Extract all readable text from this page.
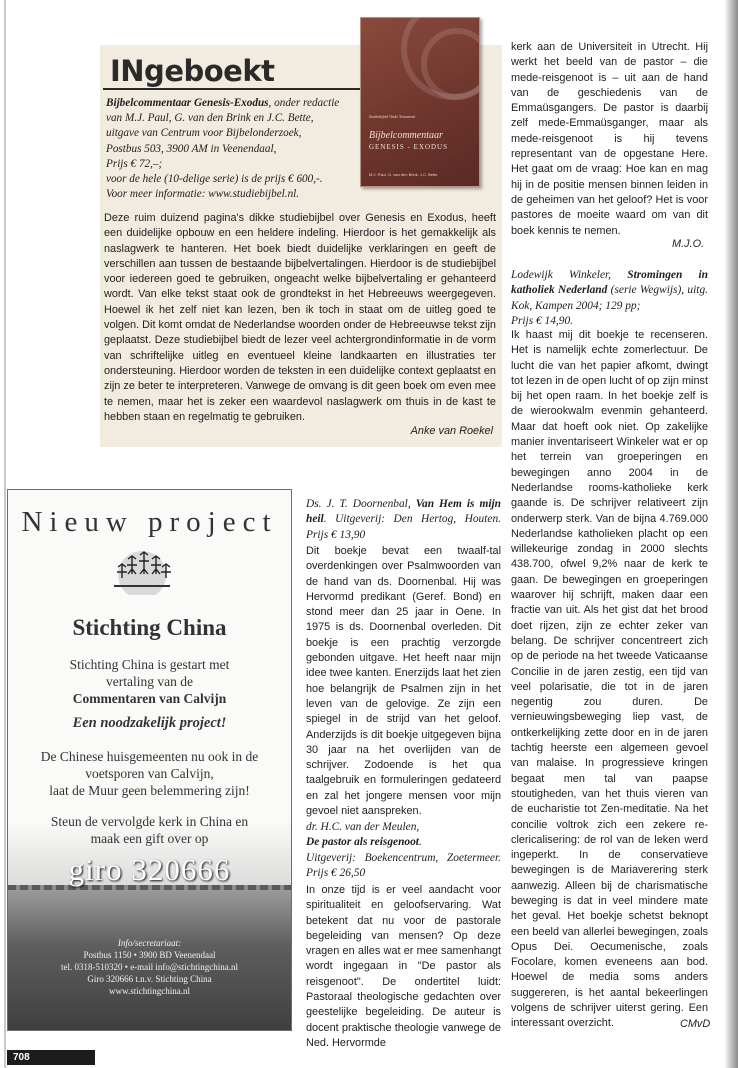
INgeboekt

Bijbelcommentaar Genesis-Exodus, onder redactie
van M.J. Paul, G. van den Brink en J.C. Bette,
uitgave van Centrum voor Bijbelonderzoek,
Postbus 503, 3900 AM in Veenendaal,
Prijs € 72,–;
voor de hele (10-delige serie) is de prijs € 600,-.
Voor meer informatie: www.studiebijbel.nl.

Studiebijbel Oude Testament
Bijbelcommentaar
GENESIS - EXODUS
M.J. Paul, G. van den Brink, J.C. Bette

Deze ruim duizend pagina's dikke studiebijbel over Genesis en Exodus, heeft een duidelijke opbouw en een heldere indeling. Hierdoor is het gemakkelijk als naslagwerk te hanteren. Het boek biedt duidelijke verklaringen en geeft de verschillen aan tussen de bestaande bijbelvertalingen. Hierdoor is de studiebijbel voor iedereen goed te gebruiken, ongeacht welke bijbelvertaling er gehanteerd wordt. Van elke tekst staat ook de grondtekst in het Hebreeuws weergegeven. Hoewel ik het zelf niet kan lezen, ben ik toch in staat om de uitleg goed te volgen. Dit komt omdat de Nederlandse woorden onder de Hebreeuwse tekst zijn geplaatst. Deze studiebijbel biedt de lezer veel achtergrondinformatie in de vorm van schriftelijke uitleg en eventueel kleine landkaarten en illustraties ter ondersteuning. Hierdoor worden de teksten in een duidelijke context geplaatst en zijn ze beter te interpreteren. Vanwege de omvang is dit geen boek om even mee te nemen, maar het is zeker een waardevol naslagwerk om thuis in de kast te hebben staan en regelmatig te gebruiken.

Anke van Roekel

Nieuw project

Stichting China

Stichting China is gestart met

vertaling van de

Commentaren van Calvijn

Een noodzakelijk project!

De Chinese huisgemeenten nu ook in de

voetsporen van Calvijn,

laat de Muur geen belemmering zijn!

Steun de vervolgde kerk in China en

maak een gift over op

giro 320666

Info/secretariaat:

Postbus 1150 • 3900 BD Veenendaal

tel. 0318-510320 • e-mail info@stichtingchina.nl

Giro 320666 t.n.v. Stichting China

www.stichtingchina.nl

Ds. J. T. Doornenbal, Van Hem is mijn heil. Uitgeverij: Den Hertog, Houten. Prijs € 13,90

Dit boekje bevat een twaalf-tal overdenkingen over Psalmwoorden van de hand van ds. Doornenbal. Hij was Hervormd predikant (Geref. Bond) en stond meer dan 25 jaar in Oene. In 1975 is ds. Doornenbal overleden. Dit boekje is een prachtig verzorgde gebonden uitgave. Het heeft naar mijn idee twee kanten. Enerzijds laat het zien hoe belangrijk de Psalmen zijn in het leven van de gelovige. Ze zijn een spiegel in de strijd van het geloof. Anderzijds is dit boekje uitgegeven bijna 30 jaar na het overlijden van de schrijver. Zodoende is het qua taalgebruik en formuleringen gedateerd en zal het jongere mensen voor mijn gevoel niet aanspreken.

dr. H.C. van der Meulen,
De pastor als reisgenoot.
Uitgeverij: Boekencentrum, Zoetermeer. Prijs € 26,50

In onze tijd is er veel aandacht voor spiritualiteit en geloofservaring. Wat betekent dat nu voor de pastorale begeleiding van mensen? Op deze vragen en alles wat er mee samenhangt wordt ingegaan in "De pastor als reisgenoot". De ondertitel luidt: Pastoraal theologische gedachten over geestelijke begeleiding. De auteur is docent praktische theologie vanwege de Ned. Hervormde

kerk aan de Universiteit in Utrecht. Hij werkt het beeld van de pastor – die mede-reisgenoot is – uit aan de hand van de geschiedenis van de Emmaüsgangers. De pastor is daarbij zelf mede-Emmaüsganger, maar als mede-reisgenoot is hij tevens representant van de opgestane Here. Het gaat om de vraag: Hoe kan en mag hij in de positie mensen binnen leiden in de geheimen van het geloof? Het is voor pastores de moeite waard om van dit boek kennis te nemen.

M.J.O.

Lodewijk Winkeler, Stromingen in katholiek Nederland (serie Wegwijs), uitg. Kok, Kampen 2004; 129 pp;
Prijs € 14,90.

Ik haast mij dit boekje te recenseren. Het is namelijk echte zomerlectuur. De lucht die van het papier afkomt, dwingt tot lezen in de open lucht of op zijn minst bij het open raam. In het boekje zelf is de wierookwalm evenmin gehanteerd. Maar dat hoeft ook niet. Op zakelijke manier inventariseert Winkeler wat er op het terrein van groeperingen en bewegingen anno 2004 in de Nederlandse rooms-katholieke kerk gaande is. De schrijver relativeert zijn onderwerp sterk. Van de bijna 4.769.000 Nederlandse katholieken placht op een willekeurige zondag in 2000 slechts 438.700, ofwel 9,2% naar de kerk te gaan. De bewegingen en groeperingen waarover hij schrijft, maken daar een fractie van uit. Als het gist dat het brood doet rijzen, zijn ze echter zeker van belang. De schrijver concentreert zich op de periode na het tweede Vaticaanse Concilie in de jaren zestig, een tijd van veel polarisatie, die tot in de jaren negentig zou duren. De vernieuwingsbeweging liep vast, de ontkerkelijking zette door en in de jaren tachtig heerste een algemeen gevoel van malaise. In progressieve kringen begaat men tal van paapse stoutigheden, van het thuis vieren van de eucharistie tot Zen-meditatie. Na het concilie voltrok zich een zekere re-clericalisering: de rol van de leken werd ingeperkt. In de conservatieve bewegingen is de Mariaverering sterk aanwezig. Alleen bij de charismatische beweging is dat in veel mindere mate het geval. Het boekje schetst beknopt een beeld van allerlei bewegingen, zoals Opus Dei. Oecumenische, zoals Focolare, komen eveneens aan bod. Hoewel de media soms anders suggereren, is het aantal bekeerlingen volgens de schrijver uiterst gering. Een interessant overzicht.	CMvD

708
